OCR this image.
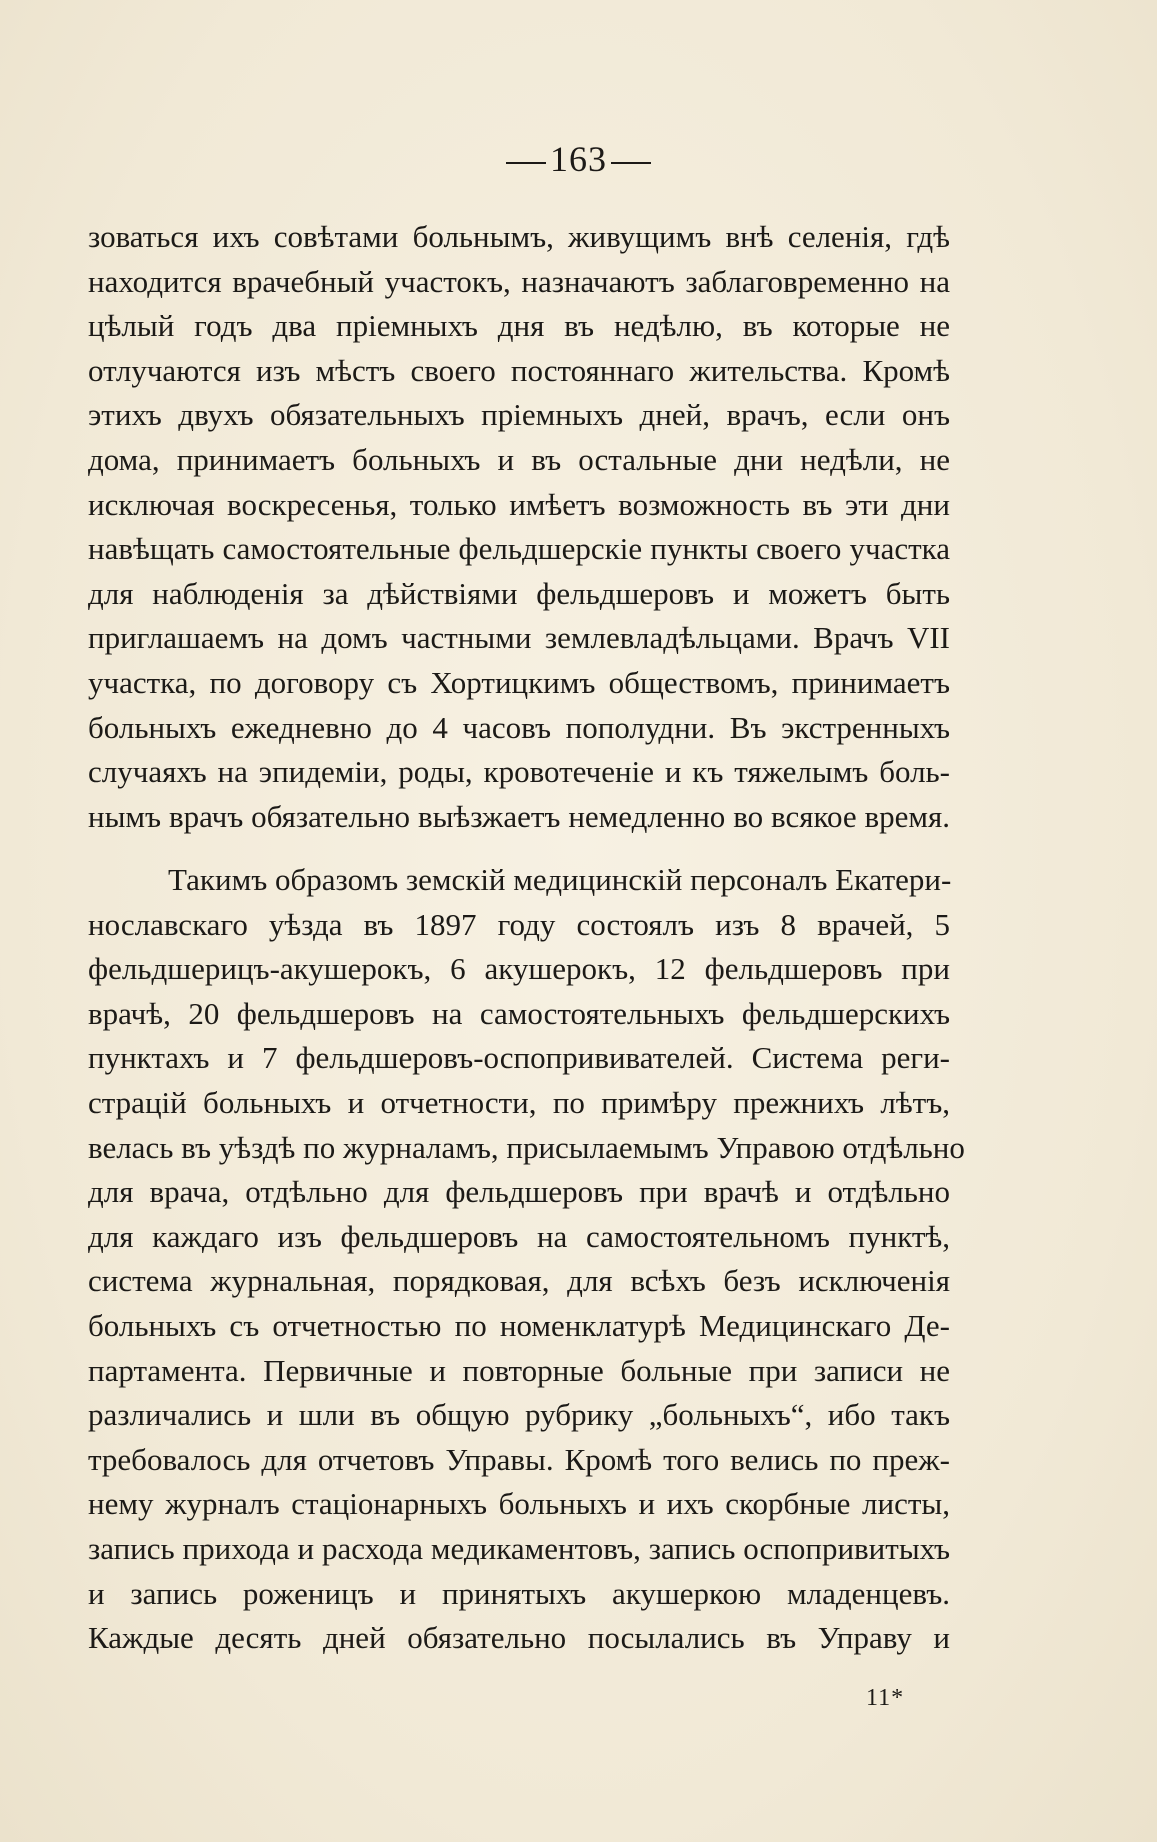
163
зоваться ихъ совѣтами больнымъ, живущимъ внѣ селенія, гдѣ
находится врачебный участокъ, назначаютъ заблаговременно на
цѣлый годъ два пріемныхъ дня въ недѣлю, въ которые не
отлучаются изъ мѣстъ своего постояннаго жительства. Кромѣ
этихъ двухъ обязательныхъ пріемныхъ дней, врачъ, если онъ
дома, принимаетъ больныхъ и въ остальные дни недѣли, не
исключая воскресенья, только имѣетъ возможность въ эти дни
навѣщать самостоятельные фельдшерскіе пункты своего участка
для наблюденія за дѣйствіями фельдшеровъ и можетъ быть
приглашаемъ на домъ частными землевладѣльцами. Врачъ VII
участка, по договору съ Хортицкимъ обществомъ, принимаетъ
больныхъ ежедневно до 4 часовъ пополудни. Въ экстренныхъ
случаяхъ на эпидеміи, роды, кровотеченіе и къ тяжелымъ боль-
нымъ врачъ обязательно выѣзжаетъ немедленно во всякое время.
Такимъ образомъ земскій медицинскій персоналъ Екатери-
нославскаго уѣзда въ 1897 году состоялъ изъ 8 врачей, 5
фельдшерицъ-акушерокъ, 6 акушерокъ, 12 фельдшеровъ при
врачѣ, 20 фельдшеровъ на самостоятельныхъ фельдшерскихъ
пунктахъ и 7 фельдшеровъ-оспопрививателей. Система реги-
страцій больныхъ и отчетности, по примѣру прежнихъ лѣтъ,
велась въ уѣздѣ по журналамъ, присылаемымъ Управою отдѣльно
для врача, отдѣльно для фельдшеровъ при врачѣ и отдѣльно
для каждаго изъ фельдшеровъ на самостоятельномъ пунктѣ,
система журнальная, порядковая, для всѣхъ безъ исключенія
больныхъ съ отчетностью по номенклатурѣ Медицинскаго Де-
партамента. Первичные и повторные больные при записи не
различались и шли въ общую рубрику „больныхъ“, ибо такъ
требовалось для отчетовъ Управы. Кромѣ того велись по преж-
нему журналъ стаціонарныхъ больныхъ и ихъ скорбные листы,
запись прихода и расхода медикаментовъ, запись оспопривитыхъ
и запись роженицъ и принятыхъ акушеркою младенцевъ.
Каждые десять дней обязательно посылались въ Управу и
11*
